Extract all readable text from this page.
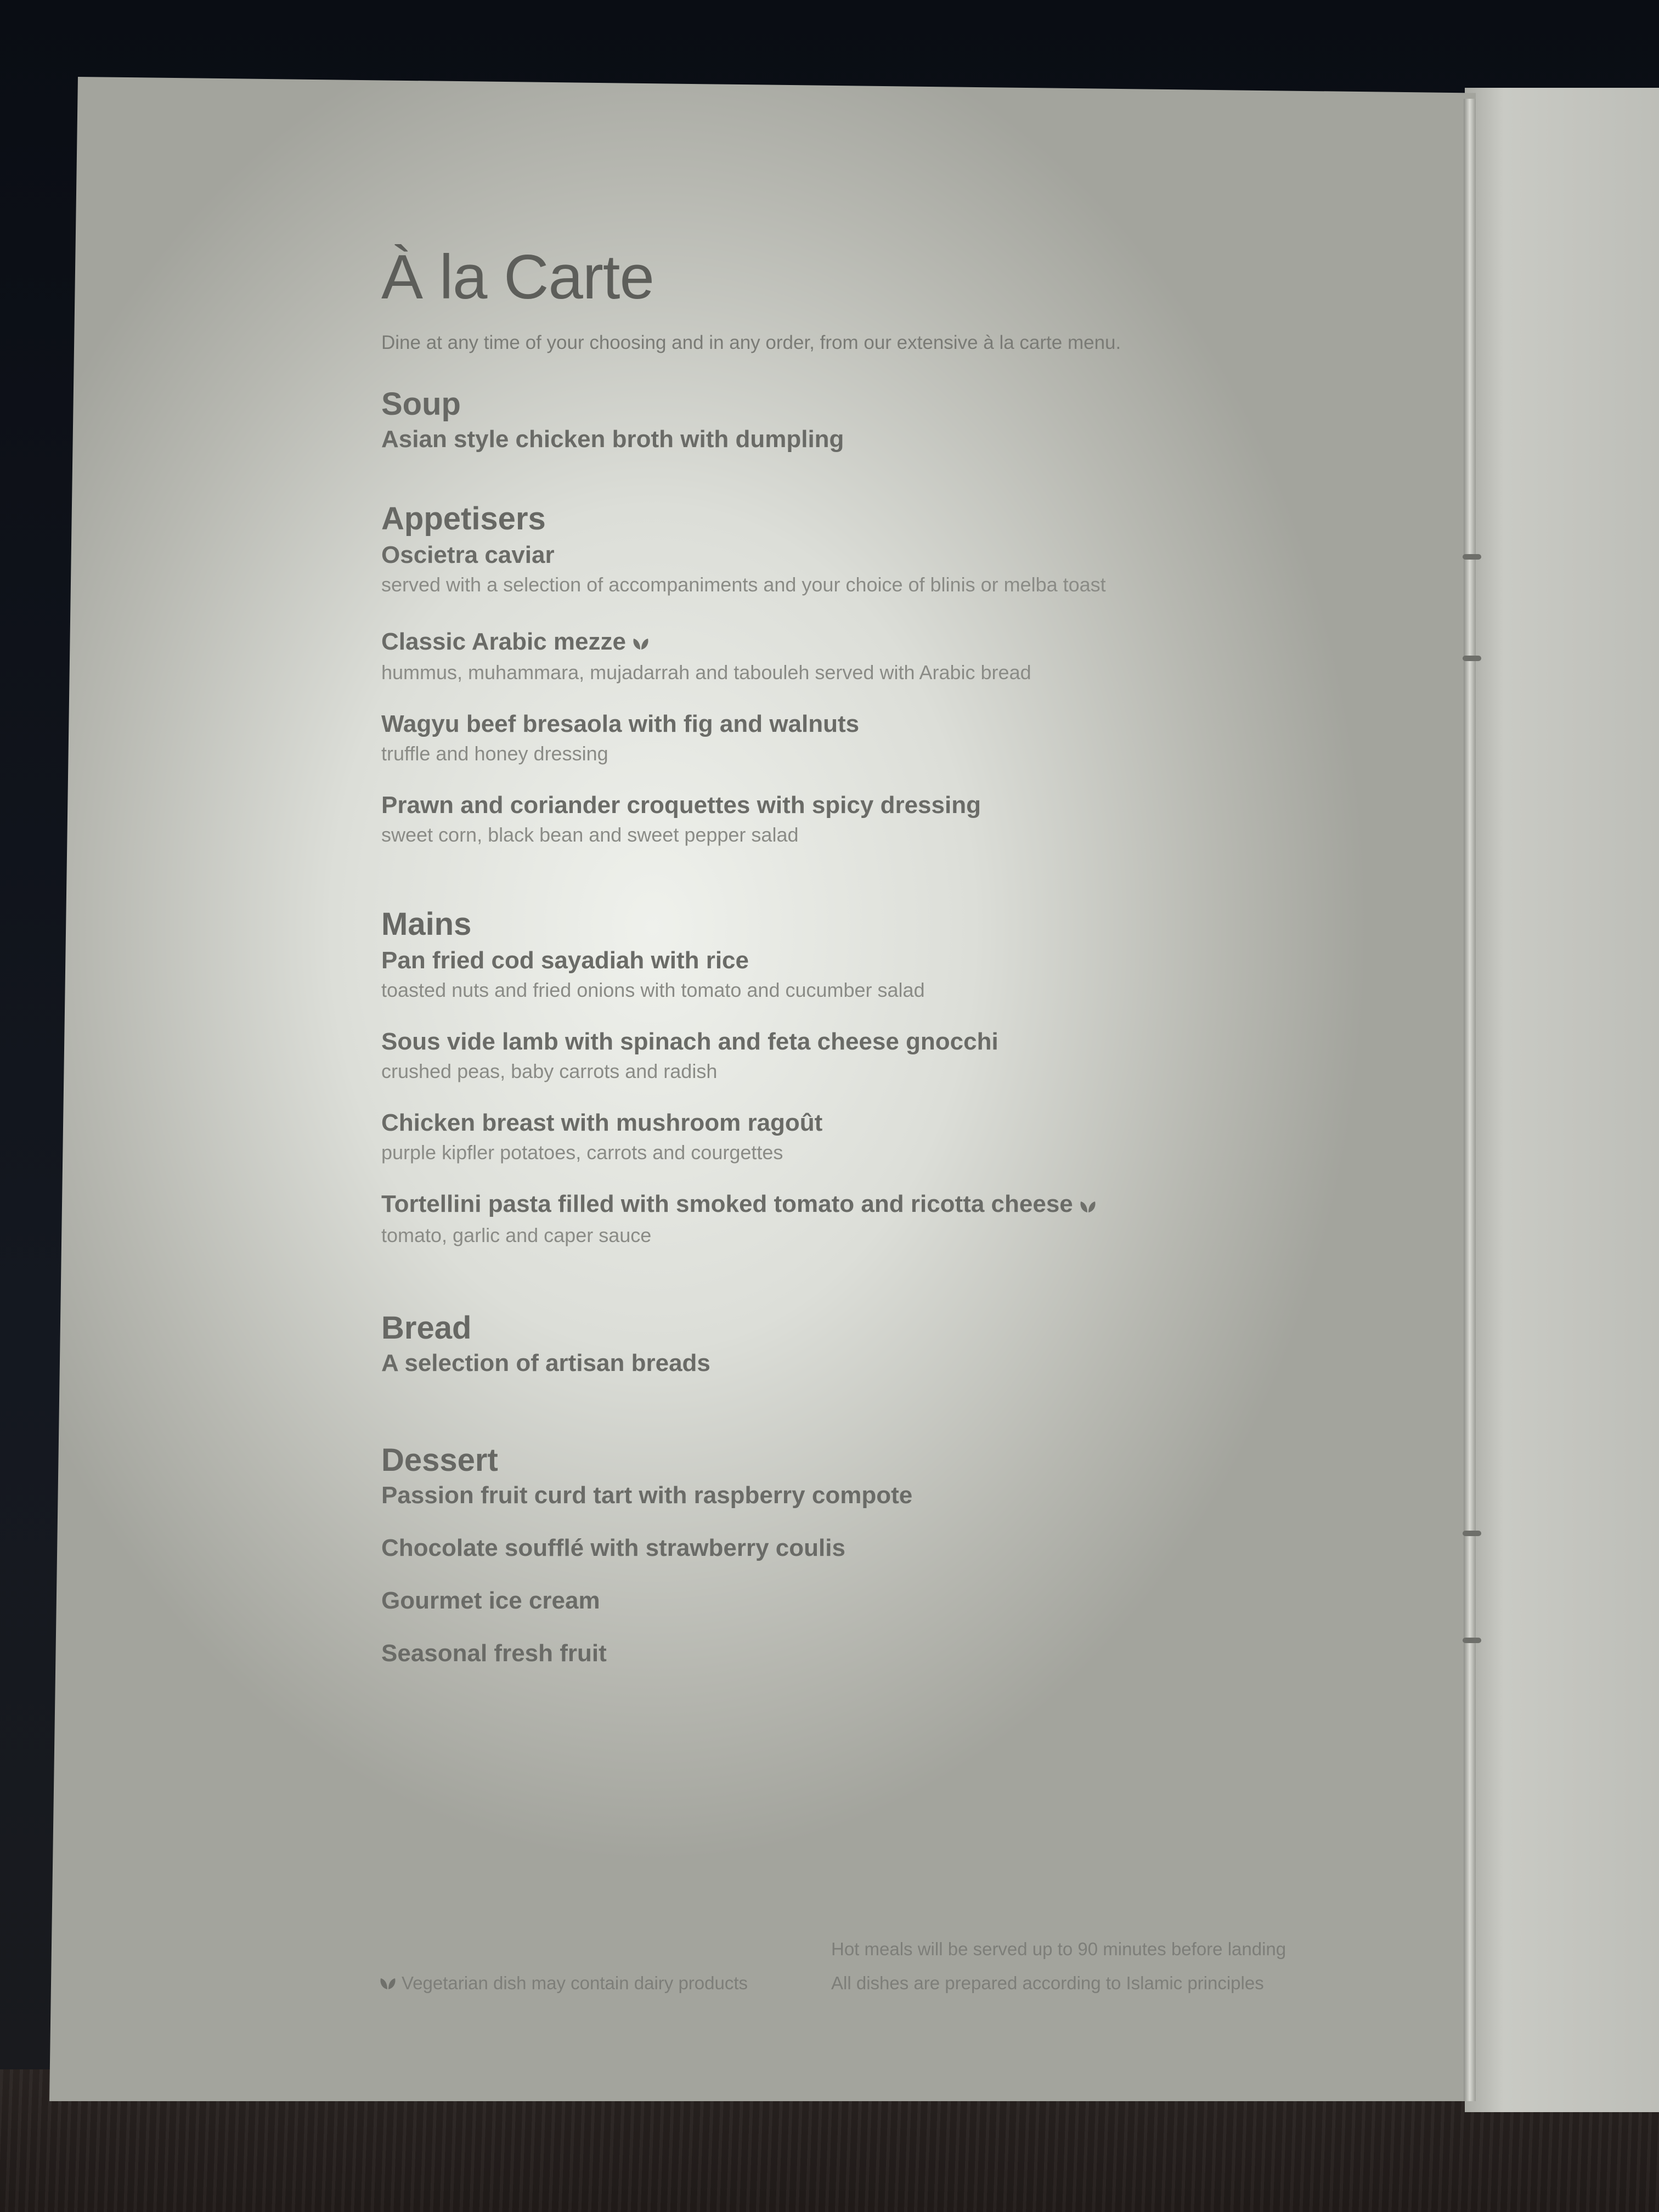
À la Carte
Dine at any time of your choosing and in any order, from our extensive à la carte menu.
Soup
Asian style chicken broth with dumpling
Appetisers
Oscietra caviar
served with a selection of accompaniments and your choice of blinis or melba toast
Classic Arabic mezze
hummus, muhammara, mujadarrah and tabouleh served with Arabic bread
Wagyu beef bresaola with fig and walnuts
truffle and honey dressing
Prawn and coriander croquettes with spicy dressing
sweet corn, black bean and sweet pepper salad
Mains
Pan fried cod sayadiah with rice
toasted nuts and fried onions with tomato and cucumber salad
Sous vide lamb with spinach and feta cheese gnocchi
crushed peas, baby carrots and radish
Chicken breast with mushroom ragoût
purple kipfler potatoes, carrots and courgettes
Tortellini pasta filled with smoked tomato and ricotta cheese
tomato, garlic and caper sauce
Bread
A selection of artisan breads
Dessert
Passion fruit curd tart with raspberry compote
Chocolate soufflé with strawberry coulis
Gourmet ice cream
Seasonal fresh fruit
Vegetarian dish may contain dairy products
Hot meals will be served up to 90 minutes before landing
All dishes are prepared according to Islamic principles
